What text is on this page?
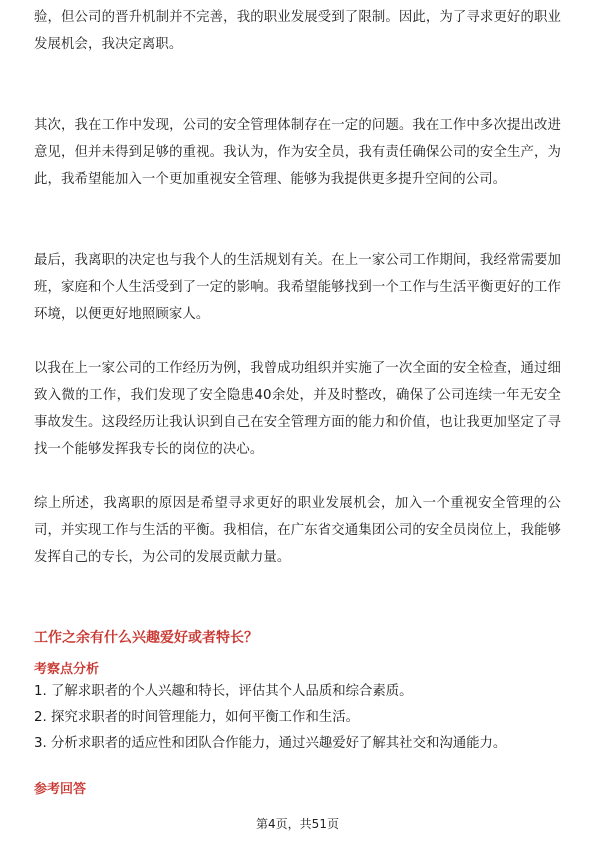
验，但公司的晋升机制并不完善，我的职业发展受到了限制。因此，为了寻求更好的职业发展机会，我决定离职。

其次，我在工作中发现，公司的安全管理体制存在一定的问题。我在工作中多次提出改进意见，但并未得到足够的重视。我认为，作为安全员，我有责任确保公司的安全生产，为此，我希望能加入一个更加重视安全管理、能够为我提供更多提升空间的公司。

最后，我离职的决定也与我个人的生活规划有关。在上一家公司工作期间，我经常需要加班，家庭和个人生活受到了一定的影响。我希望能够找到一个工作与生活平衡更好的工作环境，以便更好地照顾家人。

以我在上一家公司的工作经历为例，我曾成功组织并实施了一次全面的安全检查，通过细致入微的工作，我们发现了安全隐患40余处，并及时整改，确保了公司连续一年无安全事故发生。这段经历让我认识到自己在安全管理方面的能力和价值，也让我更加坚定了寻找一个能够发挥我专长的岗位的决心。

综上所述，我离职的原因是希望寻求更好的职业发展机会，加入一个重视安全管理的公司，并实现工作与生活的平衡。我相信，在广东省交通集团公司的安全员岗位上，我能够发挥自己的专长，为公司的发展贡献力量。

工作之余有什么兴趣爱好或者特长？
考察点分析
1. 了解求职者的个人兴趣和特长，评估其个人品质和综合素质。
2. 探究求职者的时间管理能力，如何平衡工作和生活。
3. 分析求职者的适应性和团队合作能力，通过兴趣爱好了解其社交和沟通能力。
参考回答
第4页，共51页
